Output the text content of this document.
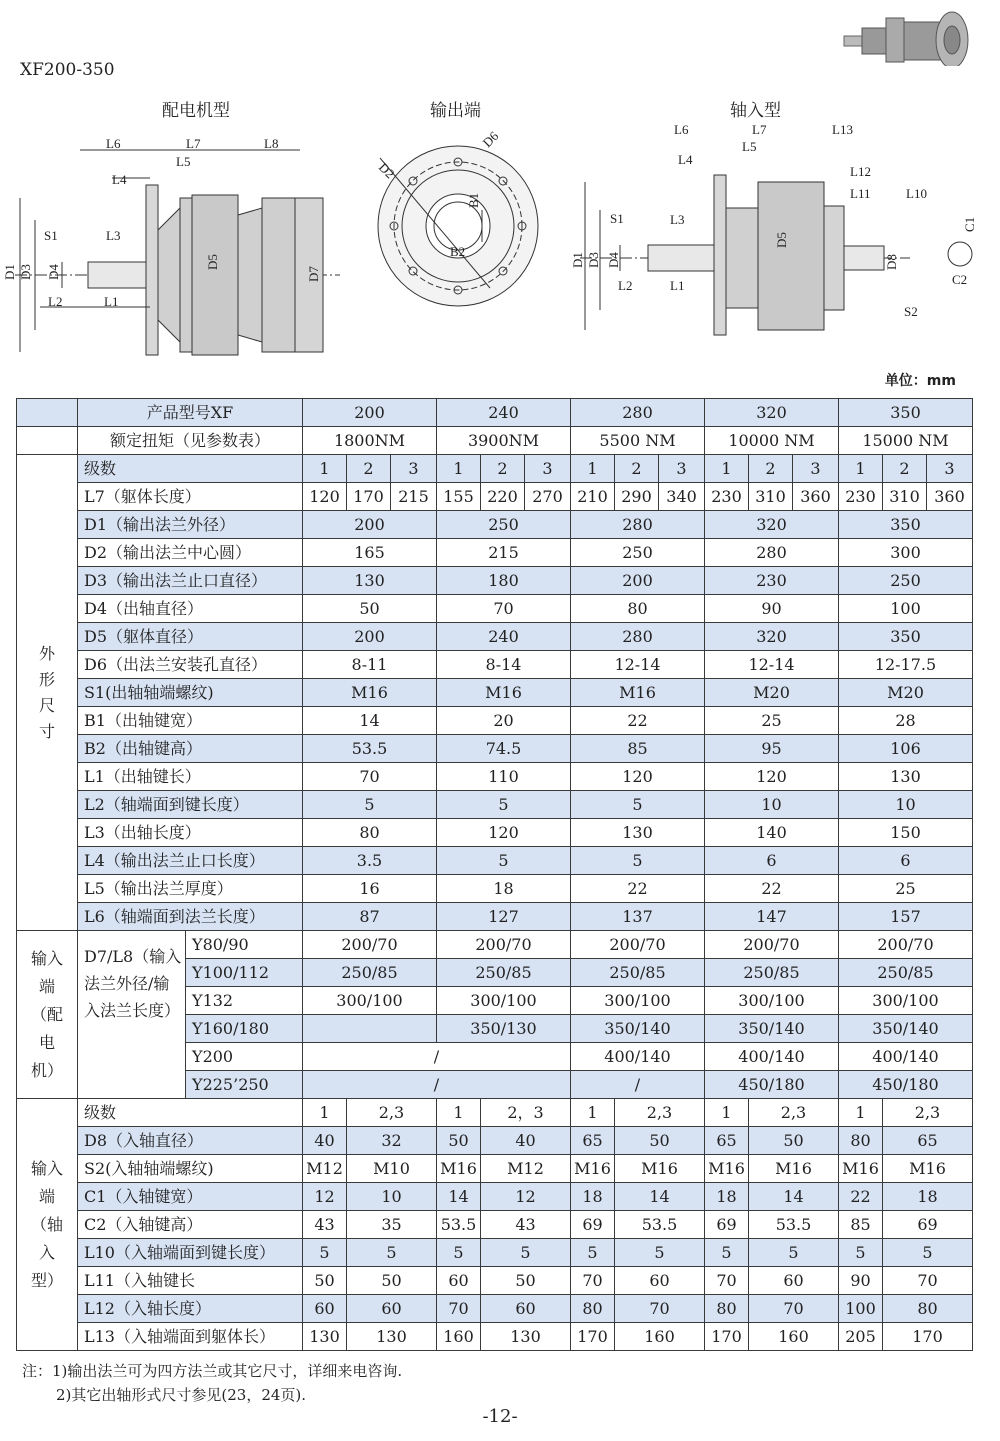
XF200-350
配电机型	输出端	轴入型
L6	L7	L8
L5
L4
L3
S1
L2	L1
D1 D3 D4
D5
D7
D2
D6
B1
B2
L6	L7	L13
L5
L4
L12
L11	L10
S1	L3
L2	L1
S2
D1 D3 D4
D5
D8
C1
C2
单位：mm
	产品型号XF		200			240			280			320			350		
	额定扭矩（见参数表）		1800NM			3900NM			5500 NM			10000 NM			15000 NM		

外
形
尺
寸	级数		1	2	3	1	2	3	1	2	3	1	2	3	1	2	3
	L7（躯体长度）		120	170	215	155	220	270	210	290	340	230	310	360	230	310	360
	D1（输出法兰外径）		200			250			280			320			350		
	D2（输出法兰中心圆）		165			215			250			280			300		
	D3（输出法兰止口直径）		130			180			200			230			250		
	D4（出轴直径）		50			70			80			90			100		
	D5（躯体直径）		200			240			280			320			350		
	D6（出法兰安装孔直径）		8-11			8-14			12-14			12-14			12-17.5		
	S1(出轴轴端螺纹)		M16			M16			M16			M20			M20		
	B1（出轴键宽）		14			20			22			25			28		
	B2（出轴键高）		53.5			74.5			85			95			106		
	L1（出轴键长）		70			110			120			120			130		
	L2（轴端面到键长度）		5			5			5			10			10		
	L3（出轴长度）		80			120			130			140			150		
	L4（输出法兰止口长度）		3.5			5			5			6			6		
	L5（输出法兰厚度）		16			18			22			22			25		
	L6（轴端面到法兰长度）		87			127			137			147			157		
输入端（配电机）	D7/L8（输入法兰外径/输入法兰长度）	Y80/90	200/70			200/70			200/70			200/70			200/70		
		Y100/112	250/85			250/85			250/85			250/85			250/85		
		Y132	300/100			300/100			300/100			300/100			300/100		
		Y160/180				350/130			350/140			350/140			350/140		
		Y200	/						400/140			400/140			400/140		
		Y225’250	/						/			450/180			450/180		
输入端（轴入型）	级数		1	2,3		1	2，3		1	2,3		1	2,3		1	2,3	
	D8（入轴直径）		40	32		50	40		65	50		65	50		80	65	
	S2(入轴轴端螺纹)		M12	M10		M16	M12		M16	M16		M16	M16		M16	M16	
	C1（入轴键宽）		12	10		14	12		18	14		18	14		22	18	
	C2（入轴键高）		43	35		53.5	43		69	53.5		69	53.5		85	69	
	L10（入轴端面到键长度）		5	5		5	5		5	5		5	5		5	5	
	L11（入轴键长		50	50		60	50		70	60		70	60		90	70	
	L12（入轴长度）		60	60		70	60		80	70		80	70		100	80	
	L13（入轴端面到躯体长）		130	130		160	130		170	160		170	160		205	170	
注：1)输出法兰可为四方法兰或其它尺寸，详细来电咨询.
2)其它出轴形式尺寸参见(23，24页).
-12-
